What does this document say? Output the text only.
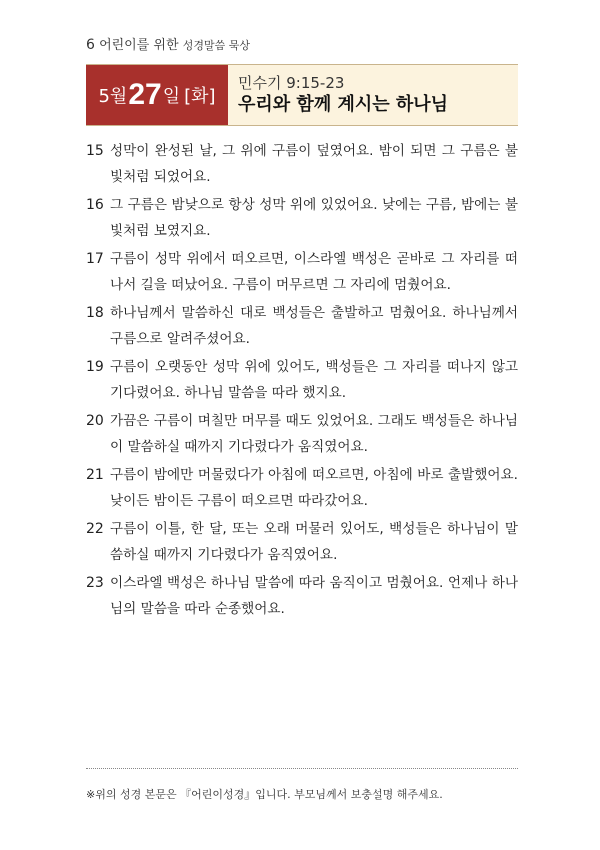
6 어린이를 위한 성경말씀 묵상
5월 27 일 [화]
민수기 9:15-23
우리와 함께 계시는 하나님
15 성막이 완성된 날, 그 위에 구름이 덮였어요. 밤이 되면 그 구름은 불빛처럼 되었어요.
16 그 구름은 밤낮으로 항상 성막 위에 있었어요. 낮에는 구름, 밤에는 불빛처럼 보였지요.
17 구름이 성막 위에서 떠오르면, 이스라엘 백성은 곧바로 그 자리를 떠나서 길을 떠났어요. 구름이 머무르면 그 자리에 멈췄어요.
18 하나님께서 말씀하신 대로 백성들은 출발하고 멈췄어요. 하나님께서 구름으로 알려주셨어요.
19 구름이 오랫동안 성막 위에 있어도, 백성들은 그 자리를 떠나지 않고 기다렸어요. 하나님 말씀을 따라 했지요.
20 가끔은 구름이 며칠만 머무를 때도 있었어요. 그래도 백성들은 하나님이 말씀하실 때까지 기다렸다가 움직였어요.
21 구름이 밤에만 머물렀다가 아침에 떠오르면, 아침에 바로 출발했어요. 낮이든 밤이든 구름이 떠오르면 따라갔어요.
22 구름이 이틀, 한 달, 또는 오래 머물러 있어도, 백성들은 하나님이 말씀하실 때까지 기다렸다가 움직였어요.
23 이스라엘 백성은 하나님 말씀에 따라 움직이고 멈췄어요. 언제나 하나님의 말씀을 따라 순종했어요.
※위의 성경 본문은 『어린이성경』입니다. 부모님께서 보충설명 해주세요.
